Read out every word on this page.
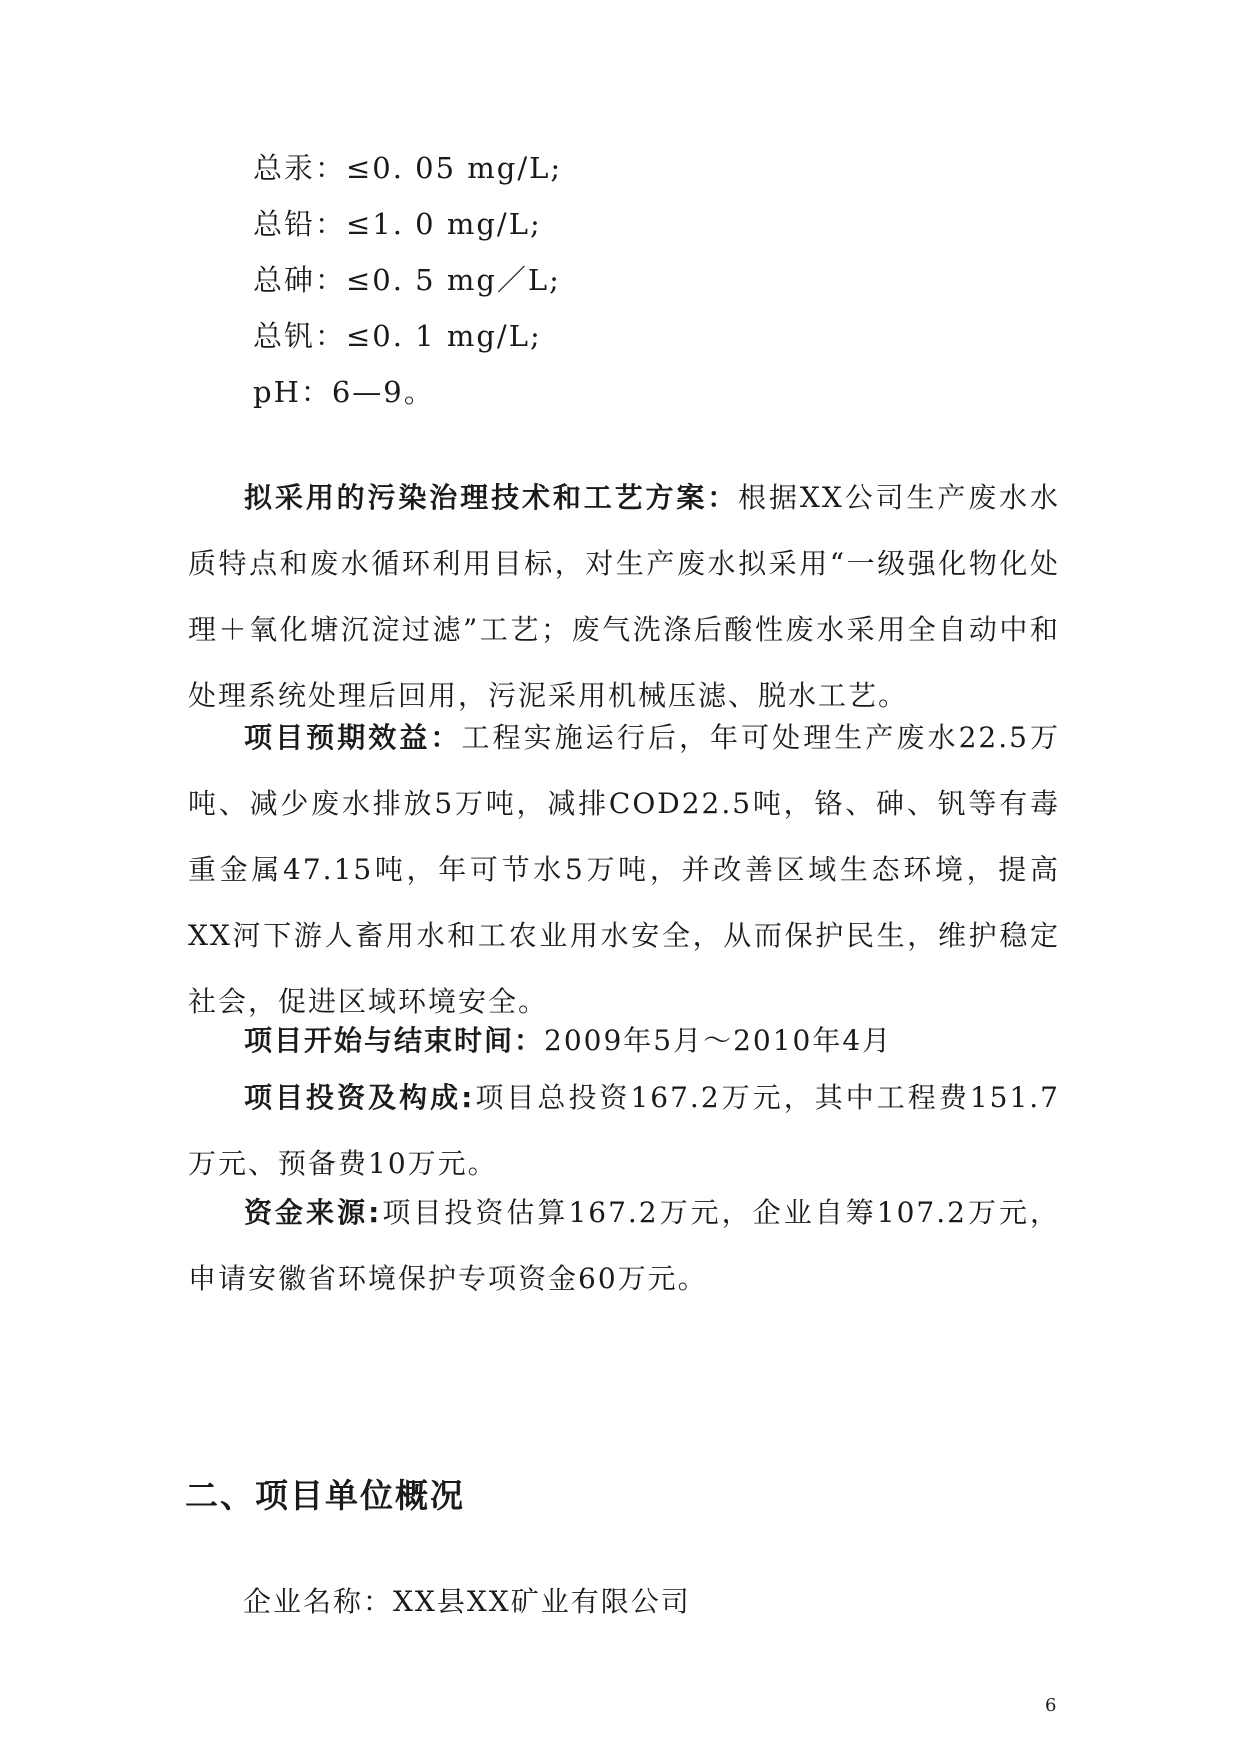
总汞：≤0. 05 mg/L;
总铅：≤1. 0 mg/L;
总砷：≤0. 5 mg／L;
总钒：≤0. 1 mg/L;
pH：6—9。

拟采用的污染治理技术和工艺方案：根据XX公司生产废水水质特点和废水循环利用目标，对生产废水拟采用“一级强化物化处理＋氧化塘沉淀过滤”工艺；废气洗涤后酸性废水采用全自动中和处理系统处理后回用，污泥采用机械压滤、脱水工艺。

项目预期效益：工程实施运行后，年可处理生产废水22.5万吨、减少废水排放5万吨，减排COD22.5吨，铬、砷、钒等有毒重金属47.15吨，年可节水5万吨，并改善区域生态环境，提高XX河下游人畜用水和工农业用水安全，从而保护民生，维护稳定社会，促进区域环境安全。

项目开始与结束时间：2009年5月～2010年4月

项目投资及构成:项目总投资167.2万元，其中工程费151.7万元、预备费10万元。

资金来源:项目投资估算167.2万元，企业自筹107.2万元，申请安徽省环境保护专项资金60万元。

二、项目单位概况
企业名称：XX县XX矿业有限公司
6
